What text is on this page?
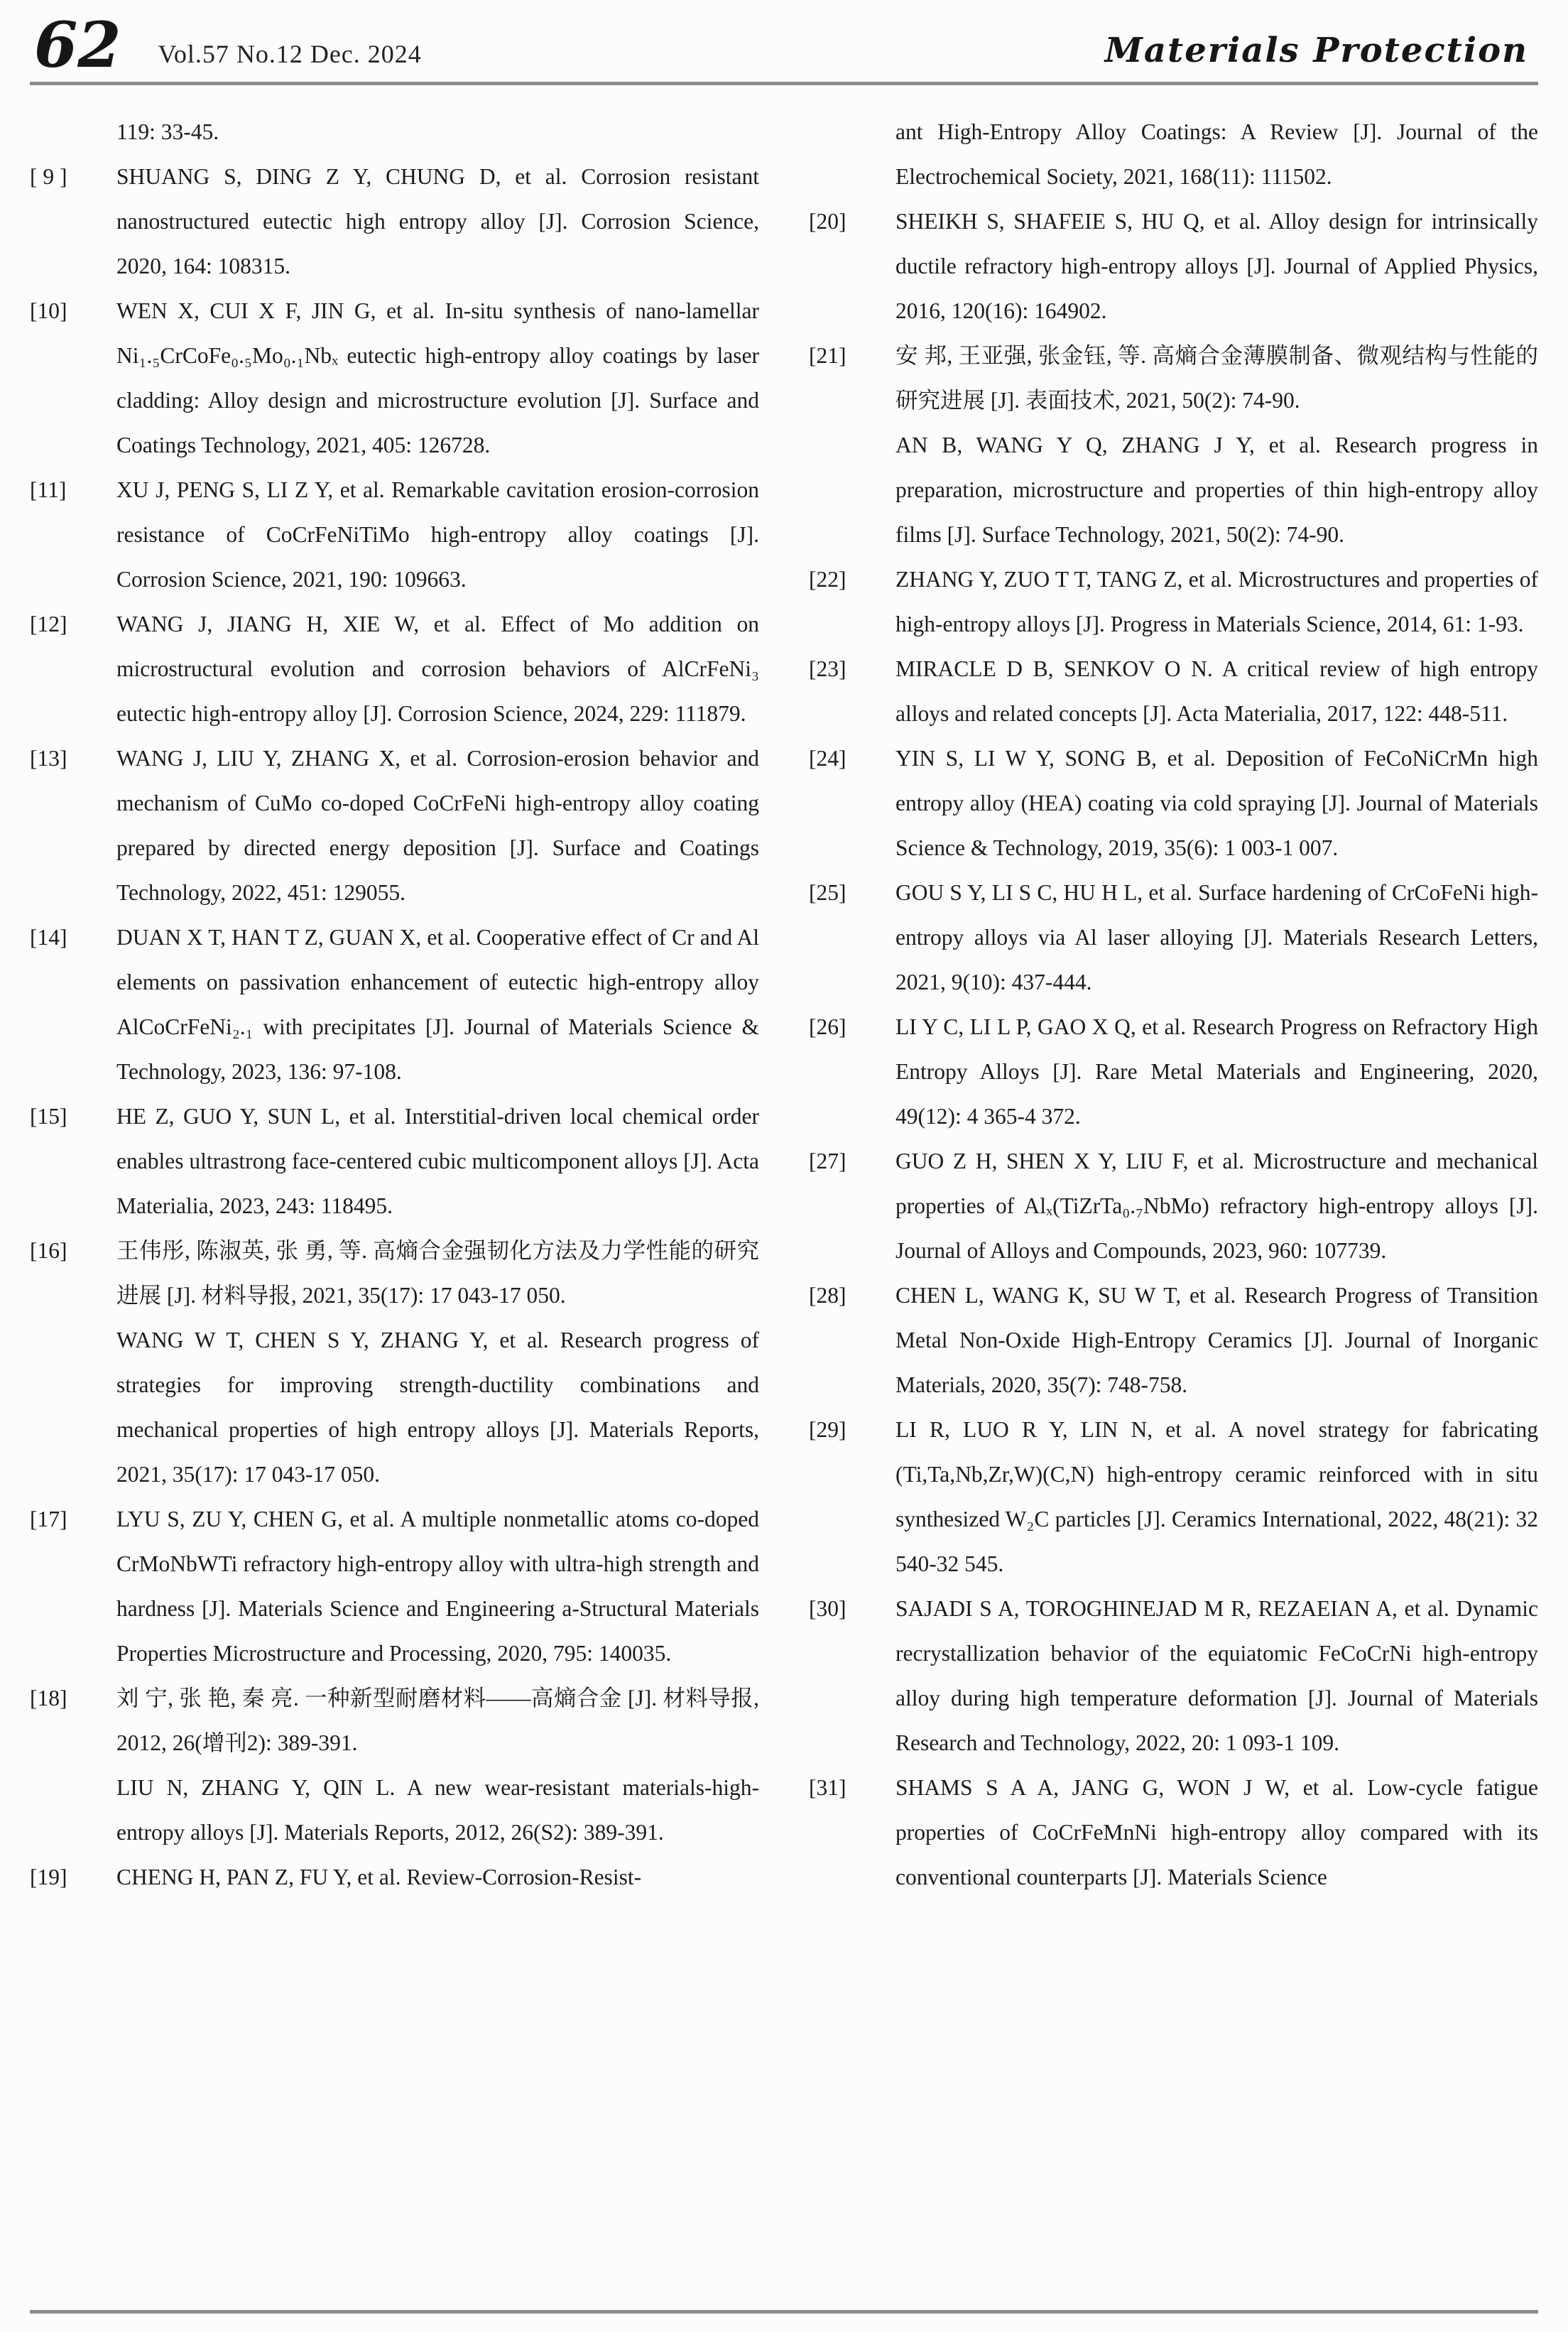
62 Vol.57 No.12 Dec. 2024	Materials Protection
119: 33-45.
[ 9 ] SHUANG S, DING Z Y, CHUNG D, et al. Corrosion resistant nanostructured eutectic high entropy alloy [J]. Corrosion Science, 2020, 164: 108315.
[10] WEN X, CUI X F, JIN G, et al. In-situ synthesis of nano-lamellar Ni₁.₅CrCoFe₀.₅Mo₀.₁Nbₓ eutectic high-entropy alloy coatings by laser cladding: Alloy design and microstructure evolution [J]. Surface and Coatings Technology, 2021, 405: 126728.
[11] XU J, PENG S, LI Z Y, et al. Remarkable cavitation erosion-corrosion resistance of CoCrFeNiTiMo high-entropy alloy coatings [J]. Corrosion Science, 2021, 190: 109663.
[12] WANG J, JIANG H, XIE W, et al. Effect of Mo addition on microstructural evolution and corrosion behaviors of AlCrFeNi₃ eutectic high-entropy alloy [J]. Corrosion Science, 2024, 229: 111879.
[13] WANG J, LIU Y, ZHANG X, et al. Corrosion-erosion behavior and mechanism of CuMo co-doped CoCrFeNi high-entropy alloy coating prepared by directed energy deposition [J]. Surface and Coatings Technology, 2022, 451: 129055.
[14] DUAN X T, HAN T Z, GUAN X, et al. Cooperative effect of Cr and Al elements on passivation enhancement of eutectic high-entropy alloy AlCoCrFeNi₂.₁ with precipitates [J]. Journal of Materials Science & Technology, 2023, 136: 97-108.
[15] HE Z, GUO Y, SUN L, et al. Interstitial-driven local chemical order enables ultrastrong face-centered cubic multicomponent alloys [J]. Acta Materialia, 2023, 243: 118495.
[16] 王伟彤, 陈淑英, 张 勇, 等. 高熵合金强韧化方法及力学性能的研究进展 [J]. 材料导报, 2021, 35(17): 17 043-17 050.
WANG W T, CHEN S Y, ZHANG Y, et al. Research progress of strategies for improving strength-ductility combinations and mechanical properties of high entropy alloys [J]. Materials Reports, 2021, 35(17): 17 043-17 050.
[17] LYU S, ZU Y, CHEN G, et al. A multiple nonmetallic atoms co-doped CrMoNbWTi refractory high-entropy alloy with ultra-high strength and hardness [J]. Materials Science and Engineering a-Structural Materials Properties Microstructure and Processing, 2020, 795: 140035.
[18] 刘 宁, 张 艳, 秦 亮. 一种新型耐磨材料——高熵合金 [J]. 材料导报, 2012, 26(增刊2): 389-391.
LIU N, ZHANG Y, QIN L. A new wear-resistant materials-high-entropy alloys [J]. Materials Reports, 2012, 26(S2): 389-391.
[19] CHENG H, PAN Z, FU Y, et al. Review-Corrosion-Resist-
ant High-Entropy Alloy Coatings: A Review [J]. Journal of the Electrochemical Society, 2021, 168(11): 111502.
[20] SHEIKH S, SHAFEIE S, HU Q, et al. Alloy design for intrinsically ductile refractory high-entropy alloys [J]. Journal of Applied Physics, 2016, 120(16): 164902.
[21] 安 邦, 王亚强, 张金钰, 等. 高熵合金薄膜制备、微观结构与性能的研究进展 [J]. 表面技术, 2021, 50(2): 74-90.
AN B, WANG Y Q, ZHANG J Y, et al. Research progress in preparation, microstructure and properties of thin high-entropy alloy films [J]. Surface Technology, 2021, 50(2): 74-90.
[22] ZHANG Y, ZUO T T, TANG Z, et al. Microstructures and properties of high-entropy alloys [J]. Progress in Materials Science, 2014, 61: 1-93.
[23] MIRACLE D B, SENKOV O N. A critical review of high entropy alloys and related concepts [J]. Acta Materialia, 2017, 122: 448-511.
[24] YIN S, LI W Y, SONG B, et al. Deposition of FeCoNiCrMn high entropy alloy (HEA) coating via cold spraying [J]. Journal of Materials Science & Technology, 2019, 35(6): 1 003-1 007.
[25] GOU S Y, LI S C, HU H L, et al. Surface hardening of CrCoFeNi high-entropy alloys via Al laser alloying [J]. Materials Research Letters, 2021, 9(10): 437-444.
[26] LI Y C, LI L P, GAO X Q, et al. Research Progress on Refractory High Entropy Alloys [J]. Rare Metal Materials and Engineering, 2020, 49(12): 4 365-4 372.
[27] GUO Z H, SHEN X Y, LIU F, et al. Microstructure and mechanical properties of Alₓ(TiZrTa₀.₇NbMo) refractory high-entropy alloys [J]. Journal of Alloys and Compounds, 2023, 960: 107739.
[28] CHEN L, WANG K, SU W T, et al. Research Progress of Transition Metal Non-Oxide High-Entropy Ceramics [J]. Journal of Inorganic Materials, 2020, 35(7): 748-758.
[29] LI R, LUO R Y, LIN N, et al. A novel strategy for fabricating (Ti,Ta,Nb,Zr,W)(C,N) high-entropy ceramic reinforced with in situ synthesized W₂C particles [J]. Ceramics International, 2022, 48(21): 32 540-32 545.
[30] SAJADI S A, TOROGHINEJAD M R, REZAEIAN A, et al. Dynamic recrystallization behavior of the equiatomic FeCoCrNi high-entropy alloy during high temperature deformation [J]. Journal of Materials Research and Technology, 2022, 20: 1 093-1 109.
[31] SHAMS S A A, JANG G, WON J W, et al. Low-cycle fatigue properties of CoCrFeMnNi high-entropy alloy compared with its conventional counterparts [J]. Materials Science
